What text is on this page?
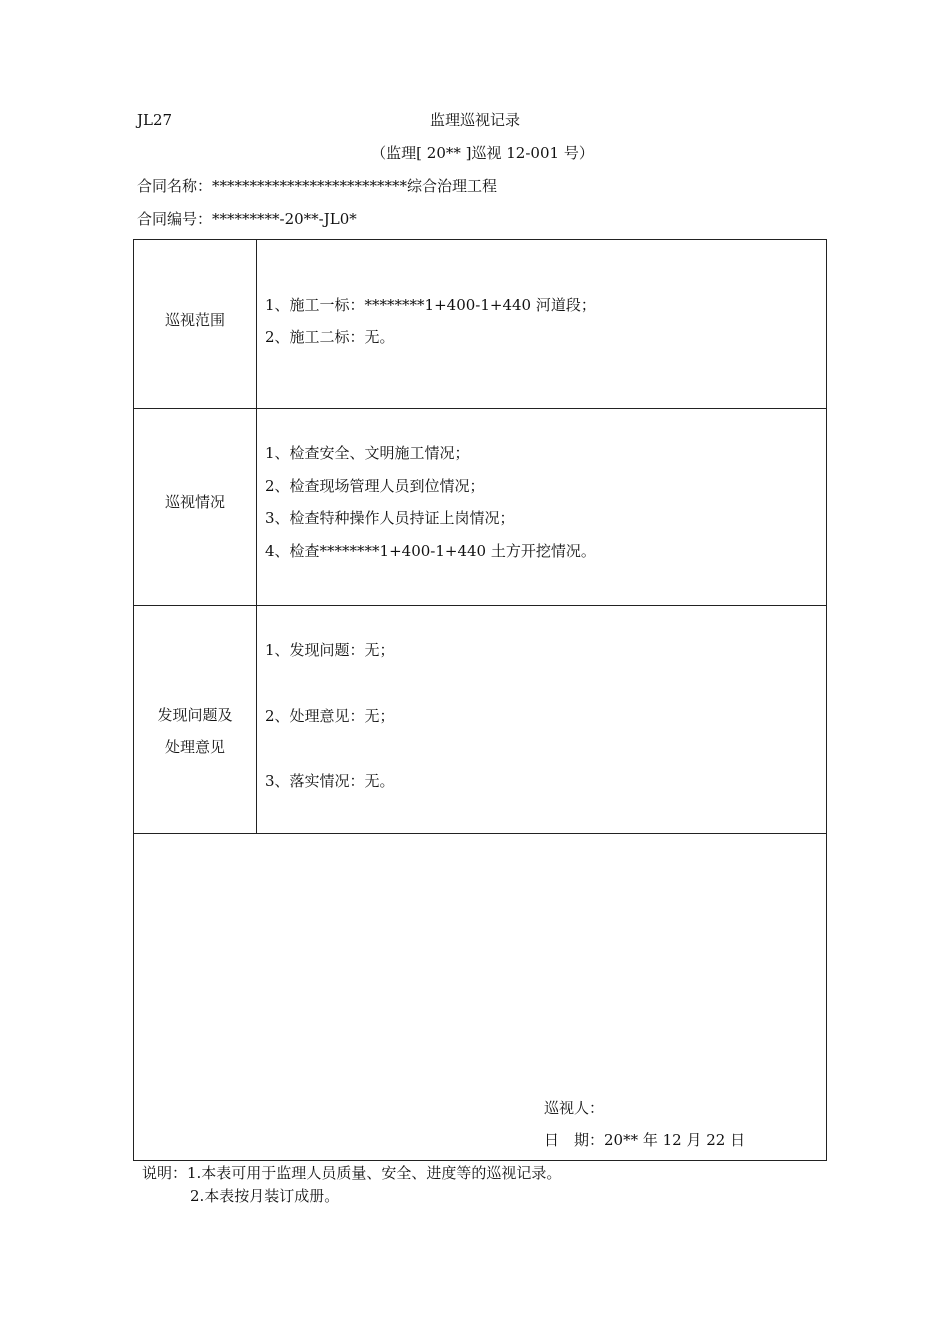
JL27	监理巡视记录
（监理[ 20** ]巡视 12-001 号）
合同名称：**************************综合治理工程
合同编号：*********-20**-JL0*
巡视范围
1、施工一标：********1+400-1+440 河道段；
2、施工二标：无。
巡视情况
1、检查安全、文明施工情况；
2、检查现场管理人员到位情况；
3、检查特种操作人员持证上岗情况；
4、检查********1+400-1+440 土方开挖情况。
发现问题及
处理意见
1、发现问题：无；
2、处理意见：无；
3、落实情况：无。
巡视人：
日　期：20** 年 12 月 22 日
说明：1.本表可用于监理人员质量、安全、进度等的巡视记录。
2.本表按月装订成册。
